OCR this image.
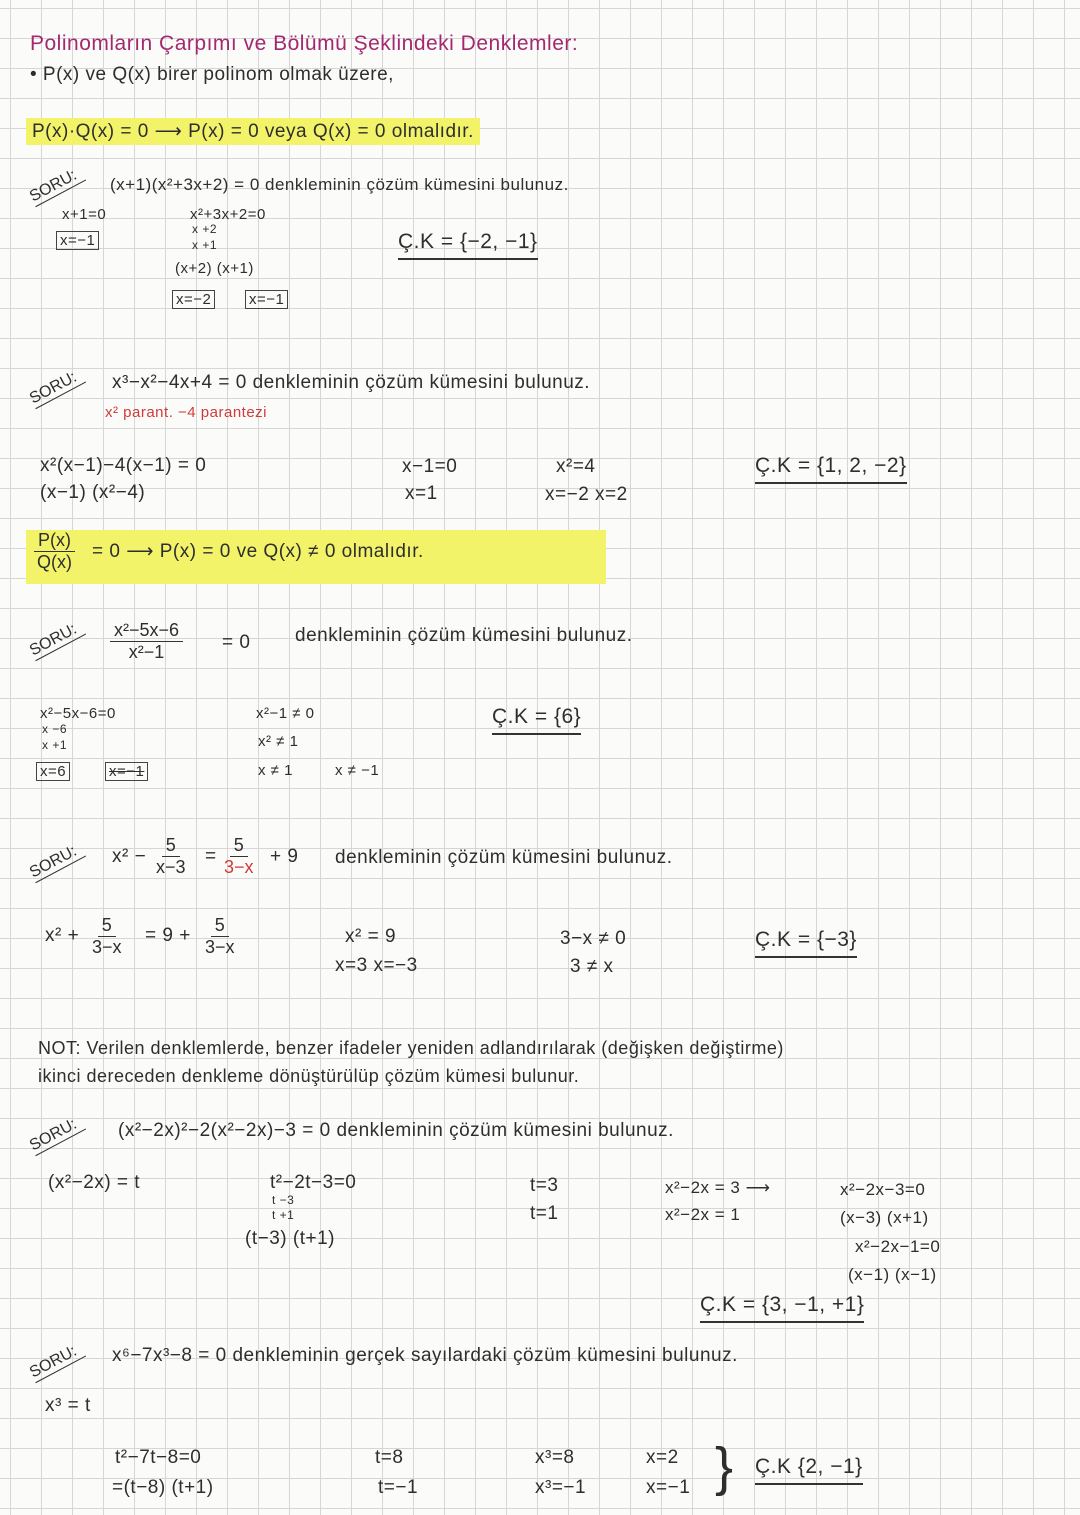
Polinomların Çarpımı ve Bölümü Şeklindeki Denklemler:
• P(x) ve Q(x) birer polinom olmak üzere,
P(x)·Q(x) = 0 ⟶ P(x) = 0 veya Q(x) = 0 olmalıdır.
SORU:	(x+1)(x²+3x+2) = 0 denkleminin çözüm kümesini bulunuz.
x+1=0
x=−1
x²+3x+2=0
x +2
x +1
(x+2) (x+1)
x=−2	x=−1
Ç.K = {−2, −1}
SORU:	x³−x²−4x+4 = 0 denkleminin çözüm kümesini bulunuz.
x² parant. −4 parantezi
x²(x−1)−4(x−1) = 0
(x−1) (x²−4)
x−1=0
x=1
x²=4
x=−2 x=2
Ç.K = {1, 2, −2}
$\frac{P(x)}{Q(x)} = 0$ ⟶ P(x) = 0 ve Q(x) ≠ 0 olmalıdır.
SORU:	$\frac{\text{x²−5x−6}}{\text{x²−1}} = 0$ denkleminin çözüm kümesini bulunuz.
x²−5x−6=0
x −6
x +1
x=6	x=−1
x²−1 ≠ 0
x² ≠ 1
x ≠ 1	x ≠ −1
Ç.K = {6}
SORU:	$x^2 - \frac{5}{x-3} = \frac{5}{3-x} + 9$ denkleminin çözüm kümesini bulunuz.
$x^2 + \frac{5}{3-x} = 9 + \frac{5}{3-x}$	x² = 9
x=3 x=−3
3−x ≠ 0
3 ≠ x
Ç.K = {−3}
NOT: Verilen denklemlerde, benzer ifadeler yeniden adlandırılarak (değişken değiştirme)
ikinci dereceden denkleme dönüştürülüp çözüm kümesi bulunur.
SORU:	(x²−2x)²−2(x²−2x)−3 = 0 denkleminin çözüm kümesini bulunuz.
(x²−2x) = t	t²−2t−3=0
t −3
t +1
(t−3) (t+1)
t=3
t=1
x²−2x = 3 ⟶	x²−2x−3=0
x²−2x = 1	(x−3) (x+1)
x²−2x−1=0
(x−1) (x−1)
Ç.K = {3, −1, +1}
SORU:	x⁶−7x³−8 = 0 denkleminin gerçek sayılardaki çözüm kümesini bulunuz.
x³ = t
t²−7t−8=0
=(t−8) (t+1)
t=8
t=−1
x³=8
x³=−1
x=2
x=−1 } Ç.K {2, −1}
